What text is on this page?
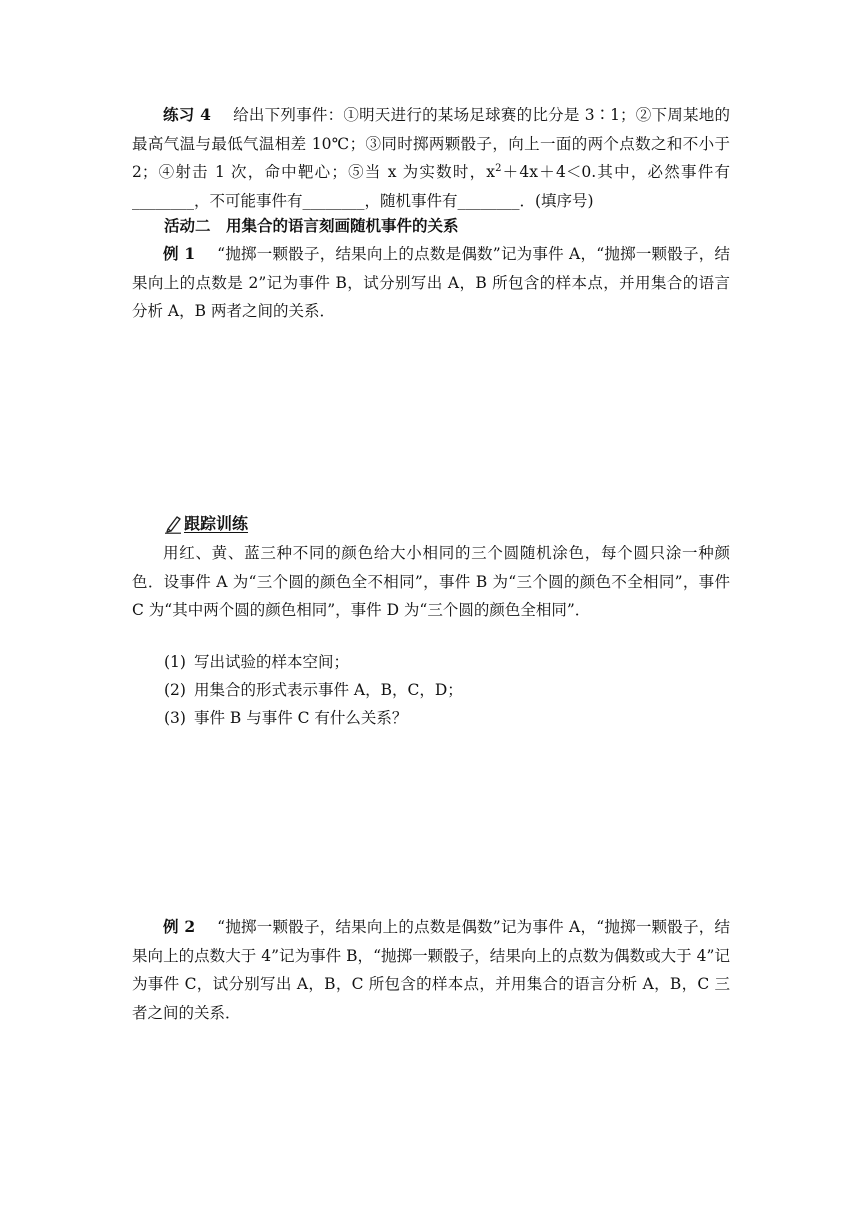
练习 4 给出下列事件：①明天进行的某场足球赛的比分是 3∶1；②下周某地的最高气温与最低气温相差 10℃；③同时掷两颗骰子，向上一面的两个点数之和不小于 2；④射击 1 次，命中靶心；⑤当 x 为实数时，$x^2+4x+4<0$.其中，必然事件有________，不可能事件有________，随机事件有________．(填序号)

活动二　用集合的语言刻画随机事件的关系

例 1 “抛掷一颗骰子，结果向上的点数是偶数”记为事件 A，“抛掷一颗骰子，结果向上的点数是 2”记为事件 B，试分别写出 A，B 所包含的样本点，并用集合的语言分析 A，B 两者之间的关系．

跟踪训练

用红、黄、蓝三种不同的颜色给大小相同的三个圆随机涂色，每个圆只涂一种颜色．设事件 A 为“三个圆的颜色全不相同”，事件 B 为“三个圆的颜色不全相同”，事件 C 为“其中两个圆的颜色相同”，事件 D 为“三个圆的颜色全相同”．

(1) 写出试验的样本空间；

(2) 用集合的形式表示事件 A，B，C，D；

(3) 事件 B 与事件 C 有什么关系？

例 2 “抛掷一颗骰子，结果向上的点数是偶数”记为事件 A，“抛掷一颗骰子，结果向上的点数大于 4”记为事件 B，“抛掷一颗骰子，结果向上的点数为偶数或大于 4”记为事件 C，试分别写出 A，B，C 所包含的样本点，并用集合的语言分析 A，B，C 三者之间的关系．
